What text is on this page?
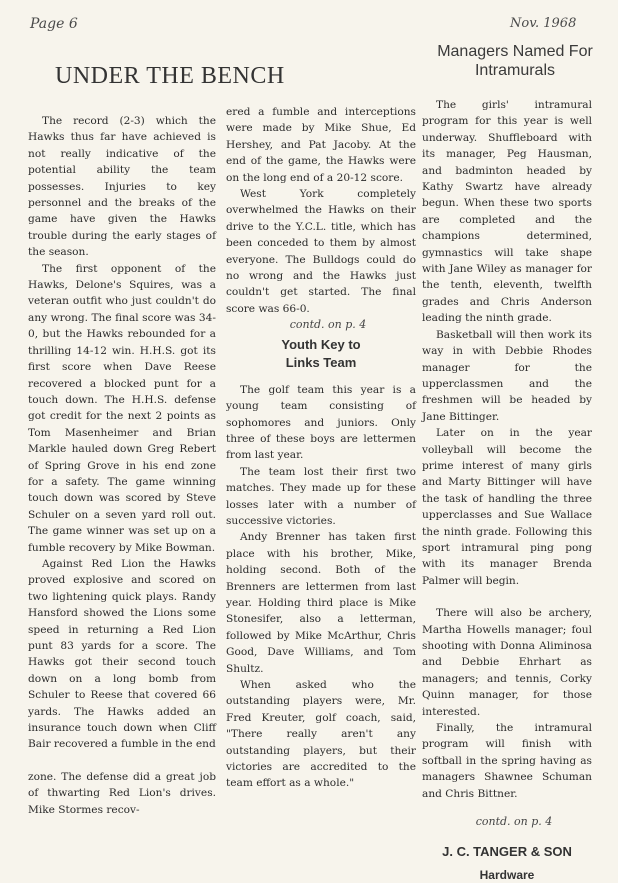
Page 6	Nov. 1968
UNDER THE BENCH
Managers Named For Intramurals

The record (2-3) which the Hawks thus far have achieved is not really indicative of the potential ability the team possesses. Injuries to key personnel and the breaks of the game have given the Hawks trouble during the early stages of the season.

The first opponent of the Hawks, Delone's Squires, was a veteran outfit who just couldn't do any wrong. The final score was 34-0, but the Hawks rebounded for a thrilling 14-12 win. H.H.S. got its first score when Dave Reese recovered a blocked punt for a touch down. The H.H.S. defense got credit for the next 2 points as Tom Masenheimer and Brian Markle hauled down Greg Rebert of Spring Grove in his end zone for a safety. The game winning touch down was scored by Steve Schuler on a seven yard roll out. The game winner was set up on a fumble recovery by Mike Bowman.

Against Red Lion the Hawks proved explosive and scored on two lightening quick plays. Randy Hansford showed the Lions some speed in returning a Red Lion punt 83 yards for a score. The Hawks got their second touch down on a long bomb from Schuler to Reese that covered 66 yards. The Hawks added an insurance touch down when Cliff Bair recovered a fumble in the end

zone. The defense did a great job of thwarting Red Lion's drives. Mike Stormes recov-

ered a fumble and interceptions were made by Mike Shue, Ed Hershey, and Pat Jacoby. At the end of the game, the Hawks were on the long end of a 20-12 score.

West York completely overwhelmed the Hawks on their drive to the Y.C.L. title, which has been conceded to them by almost everyone. The Bulldogs could do no wrong and the Hawks just couldn't get started. The final score was 66-0.

contd. on p. 4

Youth Key to Links Team

The golf team this year is a young team consisting of sophomores and juniors. Only three of these boys are lettermen from last year.

The team lost their first two matches. They made up for these losses later with a number of successive victories.

Andy Brenner has taken first place with his brother, Mike, holding second. Both of the Brenners are lettermen from last year. Holding third place is Mike Stonesifer, also a letterman, followed by Mike McArthur, Chris Good, Dave Williams, and Tom Shultz.

When asked who the outstanding players were, Mr. Fred Kreuter, golf coach, said, "There really aren't any outstanding players, but their victories are accredited to the team effort as a whole."

The girls' intramural program for this year is well underway. Shuffleboard with its manager, Peg Hausman, and badminton headed by Kathy Swartz have already begun. When these two sports are completed and the champions determined, gymnastics will take shape with Jane Wiley as manager for the tenth, eleventh, twelfth grades and Chris Anderson leading the ninth grade.

Basketball will then work its way in with Debbie Rhodes manager for the upperclassmen and the freshmen will be headed by Jane Bittinger.

Later on in the year volleyball will become the prime interest of many girls and Marty Bittinger will have the task of handling the three upperclasses and Sue Wallace the ninth grade. Following this sport intramural ping pong with its manager Brenda Palmer will begin.

There will also be archery, Martha Howells manager; foul shooting with Donna Aliminosa and Debbie Ehrhart as managers; and tennis, Corky Quinn manager, for those interested.

Finally, the intramural program will finish with softball in the spring having as managers Shawnee Schuman and Chris Bittner.

contd. on p. 4

J. C. TANGER & SON
Hardware
